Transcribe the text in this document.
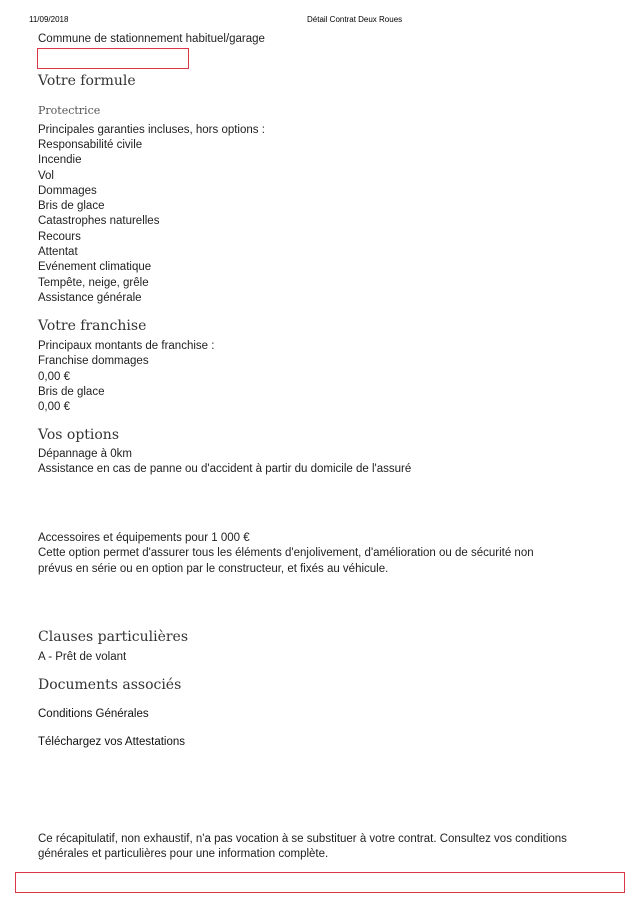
11/09/2018	Détail Contrat Deux Roues
Commune de stationnement habituel/garage
Votre formule
Protectrice
Principales garanties incluses, hors options :
Responsabilité civile
Incendie
Vol
Dommages
Bris de glace
Catastrophes naturelles
Recours
Attentat
Evénement climatique
Tempête, neige, grêle
Assistance générale
Votre franchise
Principaux montants de franchise :
Franchise dommages
0,00 €
Bris de glace
0,00 €
Vos options
Dépannage à 0km
Assistance en cas de panne ou d'accident à partir du domicile de l'assuré
Accessoires et équipements pour 1 000 €
Cette option permet d'assurer tous les éléments d'enjolivement, d'amélioration ou de sécurité non
prévus en série ou en option par le constructeur, et fixés au véhicule.
Clauses particulières
A - Prêt de volant
Documents associés
Conditions Générales
Téléchargez vos Attestations
Ce récapitulatif, non exhaustif, n'a pas vocation à se substituer à votre contrat. Consultez vos conditions
générales et particulières pour une information complète.
